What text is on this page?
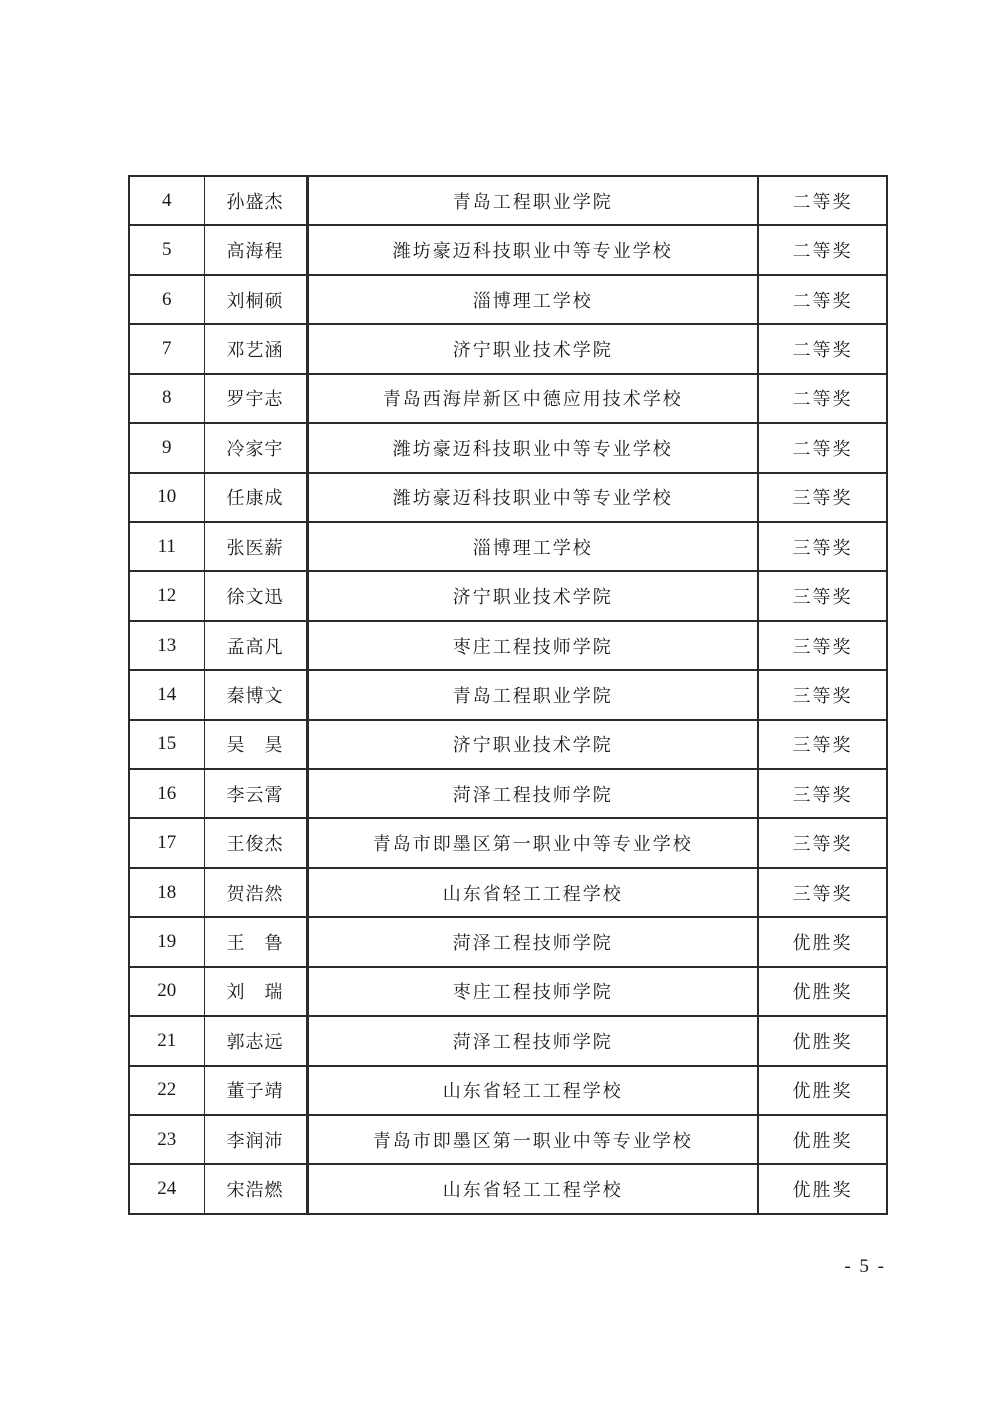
4	孙盛杰	青岛工程职业学院	二等奖
5	高海程	潍坊豪迈科技职业中等专业学校	二等奖
6	刘桐硕	淄博理工学校	二等奖
7	邓艺涵	济宁职业技术学院	二等奖
8	罗宇志	青岛西海岸新区中德应用技术学校	二等奖
9	冷家宇	潍坊豪迈科技职业中等专业学校	二等奖
10	任康成	潍坊豪迈科技职业中等专业学校	三等奖
11	张医薪	淄博理工学校	三等奖
12	徐文迅	济宁职业技术学院	三等奖
13	孟高凡	枣庄工程技师学院	三等奖
14	秦博文	青岛工程职业学院	三等奖
15	吴　昊	济宁职业技术学院	三等奖
16	李云霄	菏泽工程技师学院	三等奖
17	王俊杰	青岛市即墨区第一职业中等专业学校	三等奖
18	贺浩然	山东省轻工工程学校	三等奖
19	王　鲁	菏泽工程技师学院	优胜奖
20	刘　瑞	枣庄工程技师学院	优胜奖
21	郭志远	菏泽工程技师学院	优胜奖
22	董子靖	山东省轻工工程学校	优胜奖
23	李润沛	青岛市即墨区第一职业中等专业学校	优胜奖
24	宋浩燃	山东省轻工工程学校	优胜奖
- 5 -
